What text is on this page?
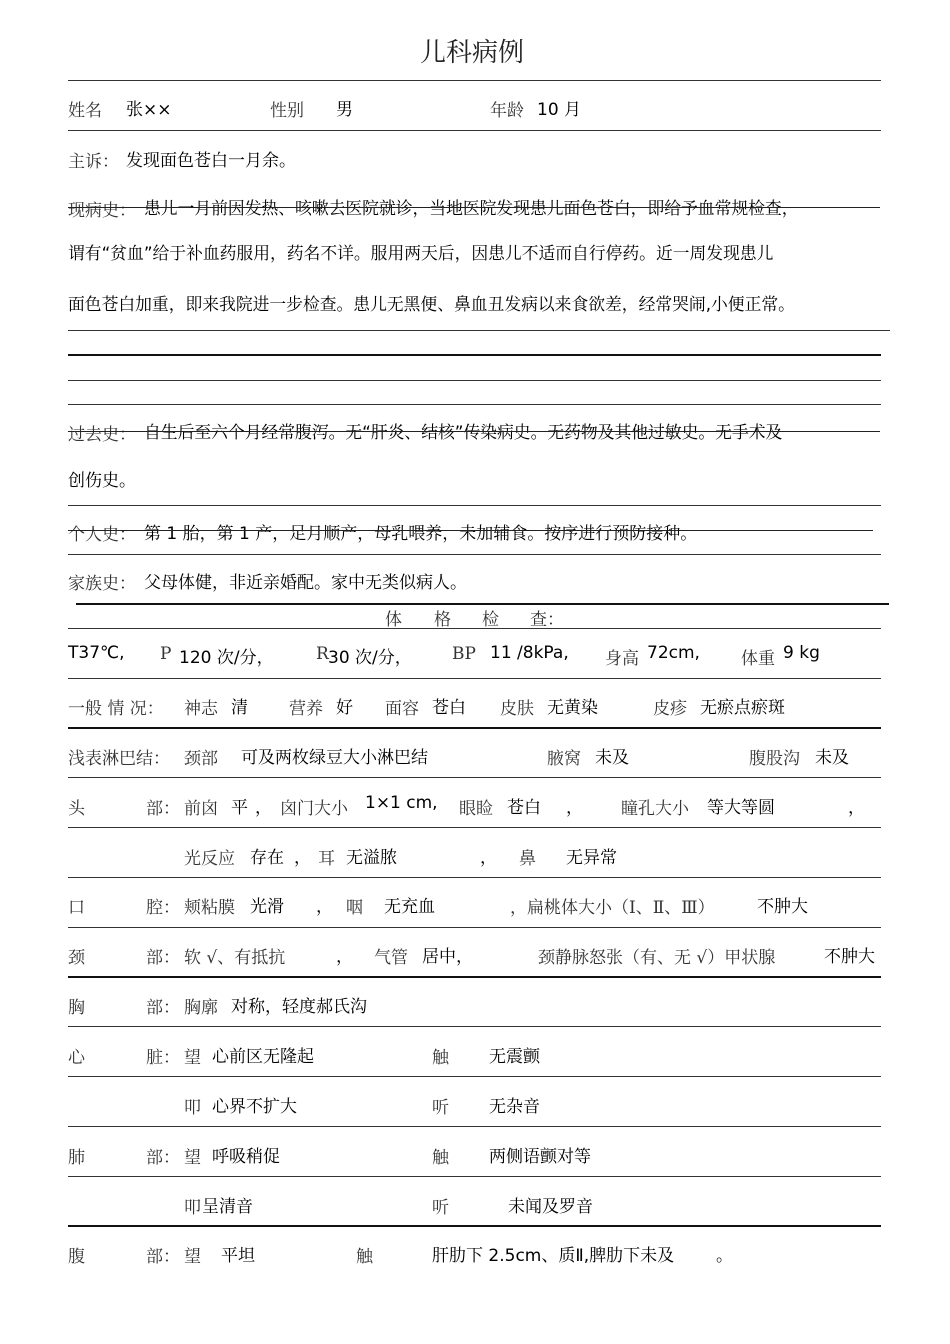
儿科病例
姓名 张××	性别 男	年龄 10 月
主诉： 发现面色苍白一月余。
现病史： 患儿一月前因发热、咳嗽去医院就诊，当地医院发现患儿面色苍白，即给予血常规检查，
谓有“贫血”给于补血药服用，药名不详。服用两天后，因患儿不适而自行停药。近一周发现患儿
面色苍白加重，即来我院进一步检查。患儿无黑便、鼻血丑发病以来食欲差，经常哭闹,小便正常。
过去史： 自生后至六个月经常腹泻。无“肝炎、结核”传染病史。无药物及其他过敏史。无手术及
创伤史。
个人史： 第 1 胎，第 1 产，足月顺产，母乳喂养，未加辅食。按序进行预防接种。
家族史： 父母体健，非近亲婚配。家中无类似病人。
体 格 检 查：
T37℃, P 120 次/分， R 30 次/分， BP 11 /8kPa, 身高 72cm, 体重 9 kg
一般 情 况： 神志 清 营养 好 面容 苍白 皮肤 无黄染	皮疹 无瘀点瘀斑
浅表淋巴结： 颈部 可及两枚绿豆大小淋巴结	腋窝 未及	腹股沟 未及
头	部： 前囟 平 ， 囟门大小 1×1 cm, 眼睑 苍白 ， 瞳孔大小 等大等圆	，
光反应 存在 ， 耳 无溢脓	， 鼻 无异常
口	腔： 颊粘膜 光滑 ， 咽 无充血	，扁桃体大小（Ⅰ、Ⅱ、Ⅲ） 不肿大
颈	部： 软 √、有抵抗	， 气管 居中，	颈静脉怒张（有、无 √）甲状腺	不肿大
胸	部： 胸廓 对称，轻度郝氏沟
心	脏： 望 心前区无隆起	触 无震颤
叩 心界不扩大	听 无杂音
肺	部： 望 呼吸稍促	触 两侧语颤对等
叩 呈清音	听	未闻及罗音
腹	部： 望 平坦	触	肝肋下 2.5cm、质Ⅱ,脾肋下未及 。
